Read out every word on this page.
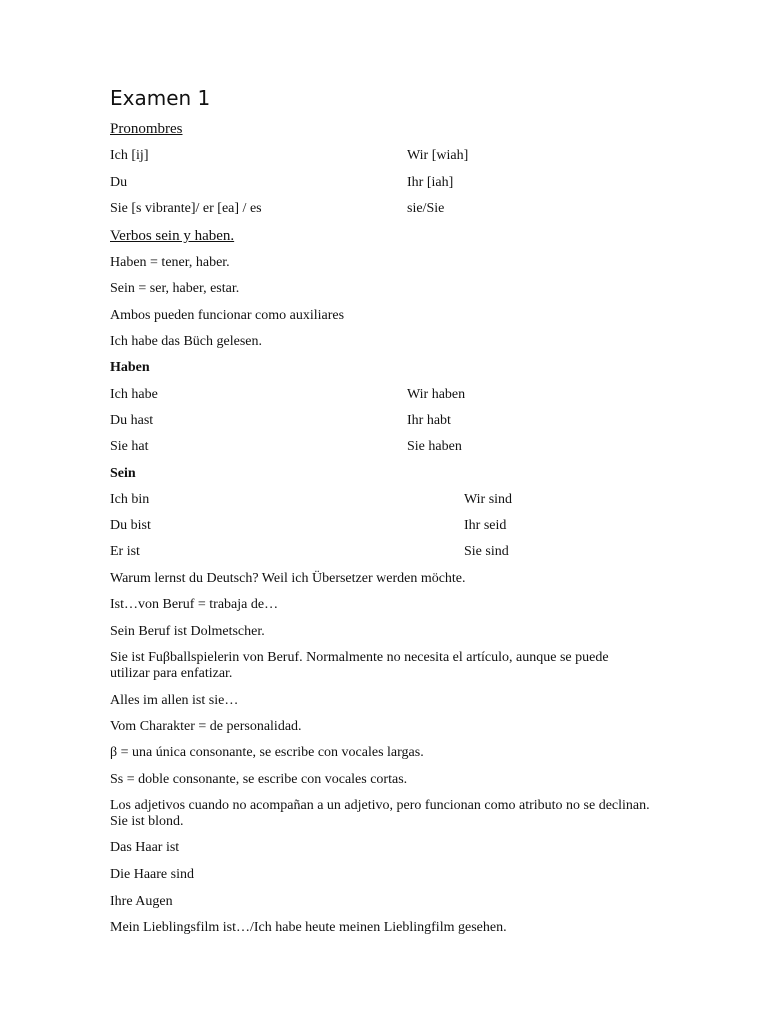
Examen 1
Pronombres
Ich [ij]	Wir [wiah]
Du	Ihr [iah]
Sie [s vibrante]/ er [ea] / es	sie/Sie
Verbos sein y haben.
Haben = tener, haber.
Sein = ser, haber, estar.
Ambos pueden funcionar como auxiliares
Ich habe das Büch gelesen.
Haben
Ich habe	Wir haben
Du hast	Ihr habt
Sie hat	Sie haben
Sein
Ich bin	Wir sind
Du bist	Ihr seid
Er ist	Sie sind
Warum lernst du Deutsch? Weil ich Übersetzer werden möchte.
Ist…von Beruf = trabaja de…
Sein Beruf ist Dolmetscher.
Sie ist Fuβballspielerin von Beruf. Normalmente no necesita el artículo, aunque se puede utilizar para enfatizar.
Alles im allen ist sie…
Vom Charakter = de personalidad.
β = una única consonante, se escribe con vocales largas.
Ss = doble consonante, se escribe con vocales cortas.
Los adjetivos cuando no acompañan a un adjetivo, pero funcionan como atributo no se declinan. Sie ist blond.
Das Haar ist
Die Haare sind
Ihre Augen
Mein Lieblingsfilm ist…/Ich habe heute meinen Lieblingfilm gesehen.
